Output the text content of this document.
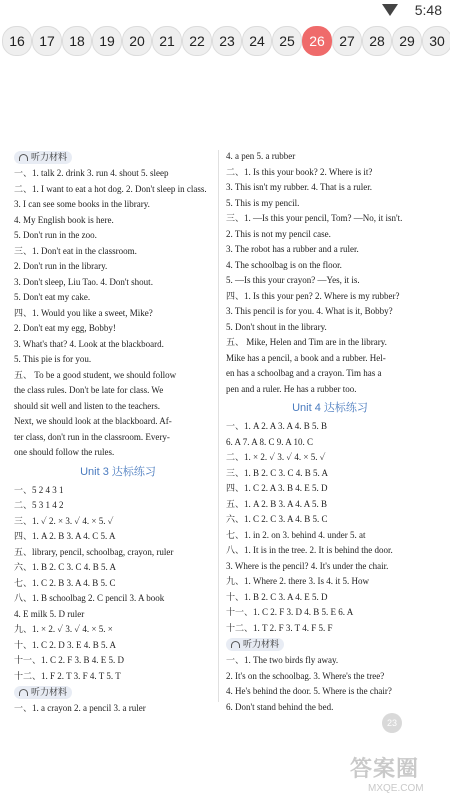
5:48
16	17	18	19	20	21	22	23	24	25	26	27	28	29	30
听力材料
一、1. talk 2. drink 3. run 4. shout 5. sleep
二、1. I want to eat a hot dog. 2. Don't sleep in class.
3. I can see some books in the library.
4. My English book is here.
5. Don't run in the zoo.
三、1. Don't eat in the classroom.
2. Don't run in the library.
3. Don't sleep, Liu Tao. 4. Don't shout.
5. Don't eat my cake.
四、1. Would you like a sweet, Mike?
2. Don't eat my egg, Bobby!
3. What's that? 4. Look at the blackboard.
5. This pie is for you.
五、 To be a good student, we should follow
the class rules. Don't be late for class. We
should sit well and listen to the teachers.
Next, we should look at the blackboard. Af-
ter class, don't run in the classroom. Every-
one should follow the rules.
Unit 3 达标练习
一、5 2 4 3 1
二、5 3 1 4 2
三、1. ✓ 2. × 3. ✓ 4. × 5. ✓
四、1. A 2. B 3. A 4. C 5. A
五、library, pencil, schoolbag, crayon, ruler
六、1. B 2. C 3. C 4. B 5. A
七、1. C 2. B 3. A 4. B 5. C
八、1. B schoolbag 2. C pencil 3. A book
4. E milk 5. D ruler
九、1. × 2. ✓ 3. ✓ 4. × 5. ×
十、1. C 2. D 3. E 4. B 5. A
十一、1. C 2. F 3. B 4. E 5. D
十二、1. F 2. T 3. F 4. T 5. T
听力材料
一、1. a crayon 2. a pencil 3. a ruler
4. a pen 5. a rubber
二、1. Is this your book? 2. Where is it?
3. This isn't my rubber. 4. That is a ruler.
5. This is my pencil.
三、1. —Is this your pencil, Tom? —No, it isn't.
2. This is not my pencil case.
3. The robot has a rubber and a ruler.
4. The schoolbag is on the floor.
5. —Is this your crayon? —Yes, it is.
四、1. Is this your pen? 2. Where is my rubber?
3. This pencil is for you. 4. What is it, Bobby?
5. Don't shout in the library.
五、 Mike, Helen and Tim are in the library.
Mike has a pencil, a book and a rubber. Hel-
en has a schoolbag and a crayon. Tim has a
pen and a ruler. He has a rubber too.
Unit 4 达标练习
一、1. A 2. A 3. A 4. B 5. B
6. A 7. A 8. C 9. A 10. C
二、1. × 2. ✓ 3. ✓ 4. × 5. ✓
三、1. B 2. C 3. C 4. B 5. A
四、1. C 2. A 3. B 4. E 5. D
五、1. A 2. B 3. A 4. A 5. B
六、1. C 2. C 3. A 4. B 5. C
七、1. in 2. on 3. behind 4. under 5. at
八、1. It is in the tree. 2. It is behind the door.
3. Where is the pencil? 4. It's under the chair.
九、1. Where 2. there 3. Is 4. it 5. How
十、1. B 2. C 3. A 4. E 5. D
十一、1. C 2. F 3. D 4. B 5. E 6. A
十二、1. T 2. F 3. T 4. F 5. F
听力材料
一、1. The two birds fly away.
2. It's on the schoolbag. 3. Where's the tree?
4. He's behind the door. 5. Where is the chair?
6. Don't stand behind the bed.
23
答案圈
MXQE.COM
